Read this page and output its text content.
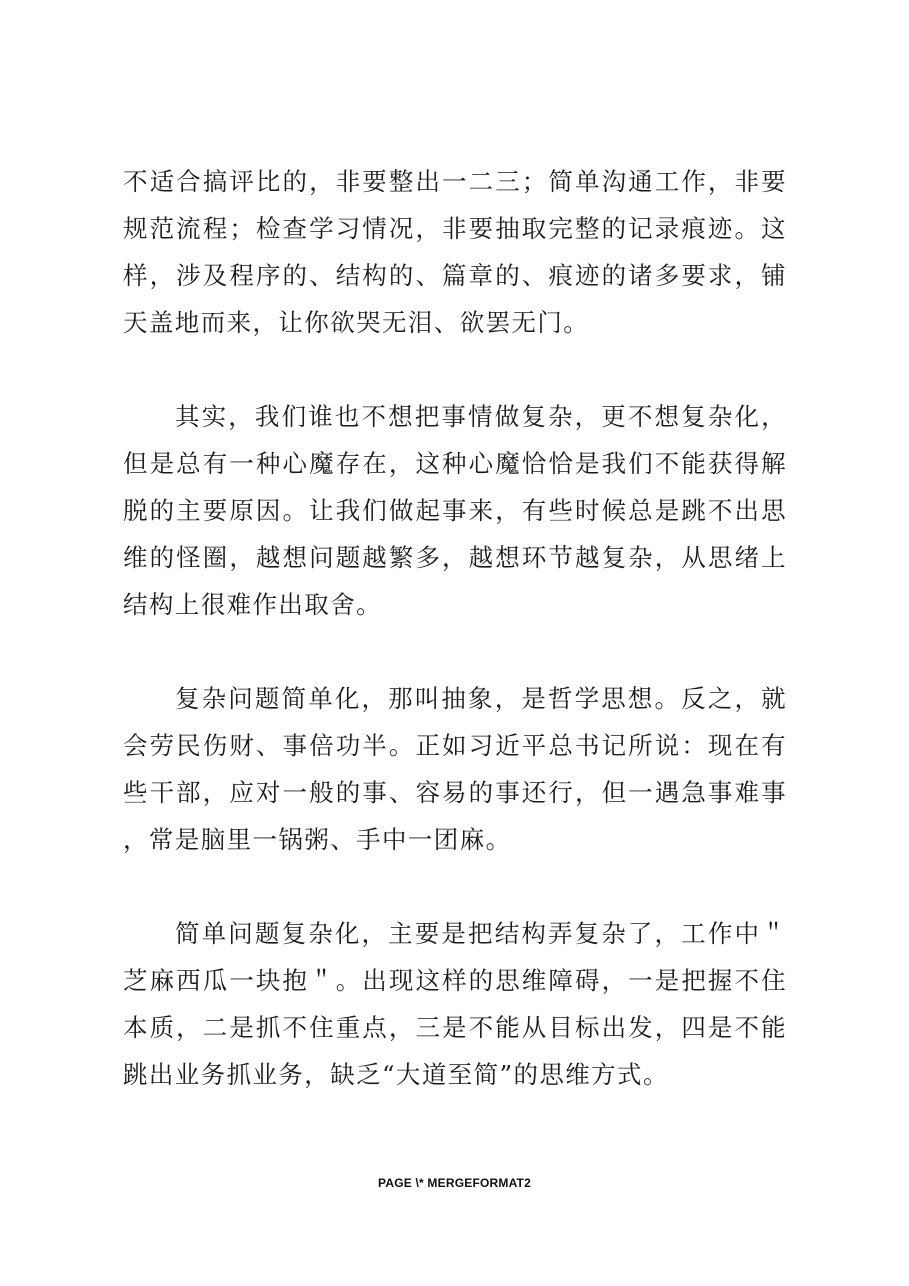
不适合搞评比的，非要整出一二三；简单沟通工作，非要规范流程；检查学习情况，非要抽取完整的记录痕迹。这样，涉及程序的、结构的、篇章的、痕迹的诸多要求，铺天盖地而来，让你欲哭无泪、欲罢无门。

其实，我们谁也不想把事情做复杂，更不想复杂化，但是总有一种心魔存在，这种心魔恰恰是我们不能获得解脱的主要原因。让我们做起事来，有些时候总是跳不出思维的怪圈，越想问题越繁多，越想环节越复杂，从思绪上结构上很难作出取舍。

复杂问题简单化，那叫抽象，是哲学思想。反之，就会劳民伤财、事倍功半。正如习近平总书记所说：现在有些干部，应对一般的事、容易的事还行，但一遇急事难事，常是脑里一锅粥、手中一团麻。

简单问题复杂化，主要是把结构弄复杂了，工作中＂芝麻西瓜一块抱＂。出现这样的思维障碍，一是把握不住本质，二是抓不住重点，三是不能从目标出发，四是不能跳出业务抓业务，缺乏“大道至简”的思维方式。

PAGE \* MERGEFORMAT2
